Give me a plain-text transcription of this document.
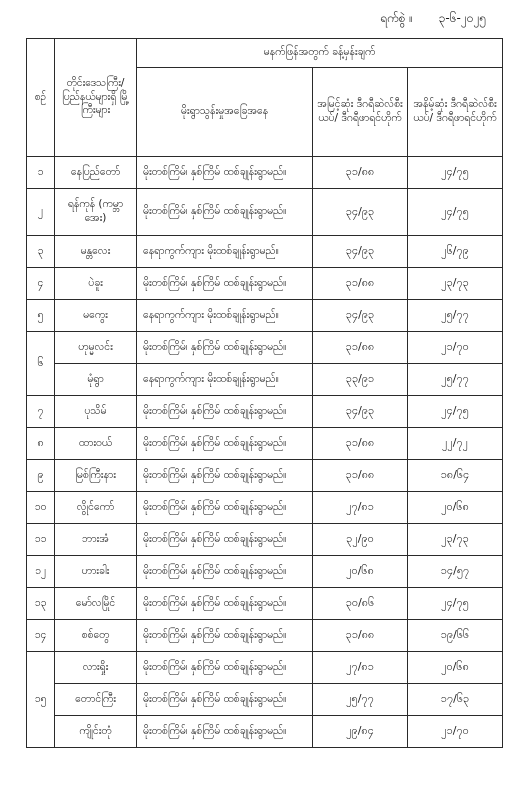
ရက်စွဲ ။ ၃-၆-၂၀၂၅
စဉ်	တိုင်းဒေသကြီး/ ပြည်နယ်များရှိ မြို့ကြီးများ	မနက်ဖြန်အတွက် ခန့်မှန်းချက်		
		မိုးရွာသွန်းမှုအခြေအနေ	အမြင့်ဆုံး ဒီဂရီဆဲလ်စီးယပ်/ ဒီဂရီဖာရင်ဟိုက်	အနိမ့်ဆုံး ဒီဂရီဆဲလ်စီးယပ်/ ဒီဂရီဖာရင်ဟိုက်
၁	နေပြည်တော်	မိုးတစ်ကြိမ်၊ နှစ်ကြိမ် ထစ်ချုန်းရွာမည်။	၃၁/၈၈	၂၄/၇၅
၂	ရန်ကုန် (ကမ္ဘာအေး)	မိုးတစ်ကြိမ်၊ နှစ်ကြိမ် ထစ်ချုန်းရွာမည်။	၃၄/၉၃	၂၄/၇၅
၃	မန္တလေး	နေရာကွက်ကျား မိုးထစ်ချုန်းရွာမည်။	၃၄/၉၃	၂၆/၇၉
၄	ပဲခူး	မိုးတစ်ကြိမ်၊ နှစ်ကြိမ် ထစ်ချုန်းရွာမည်။	၃၁/၈၈	၂၃/၇၃
၅	မကွေး	နေရာကွက်ကျား မိုးထစ်ချုန်းရွာမည်။	၃၄/၉၃	၂၅/၇၇
၆	ဟုမ္မလင်း	မိုးတစ်ကြိမ်၊ နှစ်ကြိမ် ထစ်ချုန်းရွာမည်။	၃၁/၈၈	၂၁/၇၀
	မုံရွာ	နေရာကွက်ကျား မိုးထစ်ချုန်းရွာမည်။	၃၃/၉၁	၂၅/၇၇
၇	ပုသိမ်	မိုးတစ်ကြိမ်၊ နှစ်ကြိမ် ထစ်ချုန်းရွာမည်။	၃၄/၉၃	၂၄/၇၅
၈	ထားဝယ်	မိုးတစ်ကြိမ်၊ နှစ်ကြိမ် ထစ်ချုန်းရွာမည်။	၃၁/၈၈	၂၂/၇၂
၉	မြစ်ကြီးနား	မိုးတစ်ကြိမ်၊ နှစ်ကြိမ် ထစ်ချုန်းရွာမည်။	၃၁/၈၈	၁၈/၆၄
၁၀	လွိုင်ကော်	မိုးတစ်ကြိမ်၊ နှစ်ကြိမ် ထစ်ချုန်းရွာမည်။	၂၇/၈၁	၂၀/၆၈
၁၁	ဘားအံ	မိုးတစ်ကြိမ်၊ နှစ်ကြိမ် ထစ်ချုန်းရွာမည်။	၃၂/၉၀	၂၃/၇၃
၁၂	ဟားခါး	မိုးတစ်ကြိမ်၊ နှစ်ကြိမ် ထစ်ချုန်းရွာမည်။	၂၀/၆၈	၁၄/၅၇
၁၃	မော်လမြိုင်	မိုးတစ်ကြိမ်၊ နှစ်ကြိမ် ထစ်ချုန်းရွာမည်။	၃၀/၈၆	၂၄/၇၅
၁၄	စစ်တွေ	မိုးတစ်ကြိမ်၊ နှစ်ကြိမ် ထစ်ချုန်းရွာမည်။	၃၁/၈၈	၁၉/၆၆
၁၅	လားရှိုး	မိုးတစ်ကြိမ်၊ နှစ်ကြိမ် ထစ်ချုန်းရွာမည်။	၂၇/၈၁	၂၀/၆၈
	တောင်ကြီး	မိုးတစ်ကြိမ်၊ နှစ်ကြိမ် ထစ်ချုန်းရွာမည်။	၂၅/၇၇	၁၇/၆၃
	ကျိုင်းတုံ	မိုးတစ်ကြိမ်၊ နှစ်ကြိမ် ထစ်ချုန်းရွာမည်။	၂၉/၈၄	၂၁/၇၀
